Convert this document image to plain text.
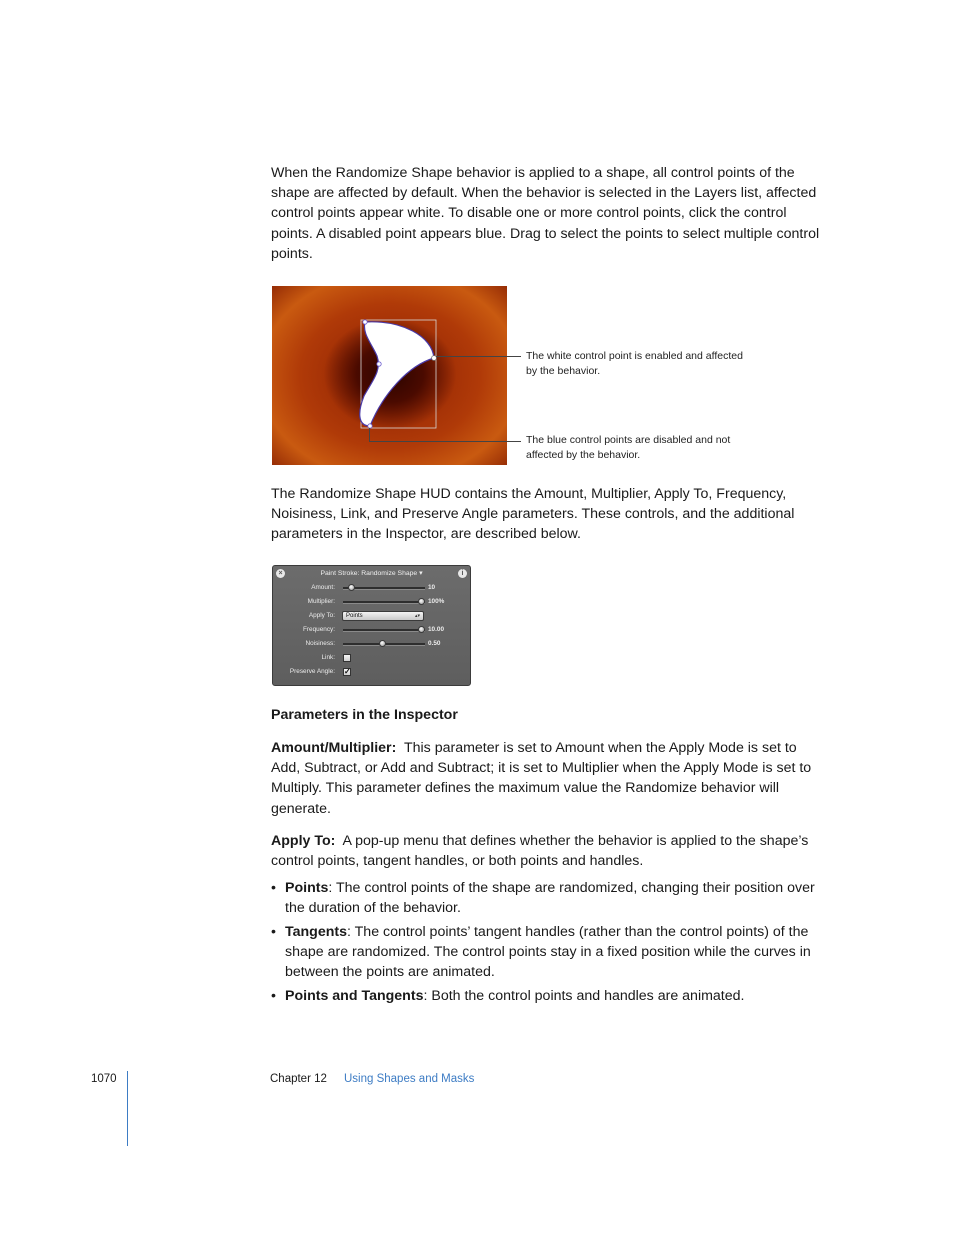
When the Randomize Shape behavior is applied to a shape, all control points of the shape are affected by default. When the behavior is selected in the Layers list, affected control points appear white. To disable one or more control points, click the control points. A disabled point appears blue. Drag to select the points to select multiple control points.

The white control point is enabled and affected by the behavior.
The blue control points are disabled and not affected by the behavior.

The Randomize Shape HUD contains the Amount, Multiplier, Apply To, Frequency, Noisiness, Link, and Preserve Angle parameters. These controls, and the additional parameters in the Inspector, are described below.

×	Paint Stroke: Randomize Shape ▾	i
Amount:	10
Multiplier:	100%
Apply To:	Points	▴▾
Frequency:	10.00
Noisiness:	0.50
Link:
Preserve Angle: ✓

Parameters in the Inspector

Amount/Multiplier: This parameter is set to Amount when the Apply Mode is set to Add, Subtract, or Add and Subtract; it is set to Multiplier when the Apply Mode is set to Multiply. This parameter defines the maximum value the Randomize behavior will generate.

Apply To: A pop-up menu that defines whether the behavior is applied to the shape’s control points, tangent handles, or both points and handles.

• Points: The control points of the shape are randomized, changing their position over the duration of the behavior.
• Tangents: The control points’ tangent handles (rather than the control points) of the shape are randomized. The control points stay in a fixed position while the curves in between the points are animated.
• Points and Tangents: Both the control points and handles are animated.
1070	Chapter 12 Using Shapes and Masks
